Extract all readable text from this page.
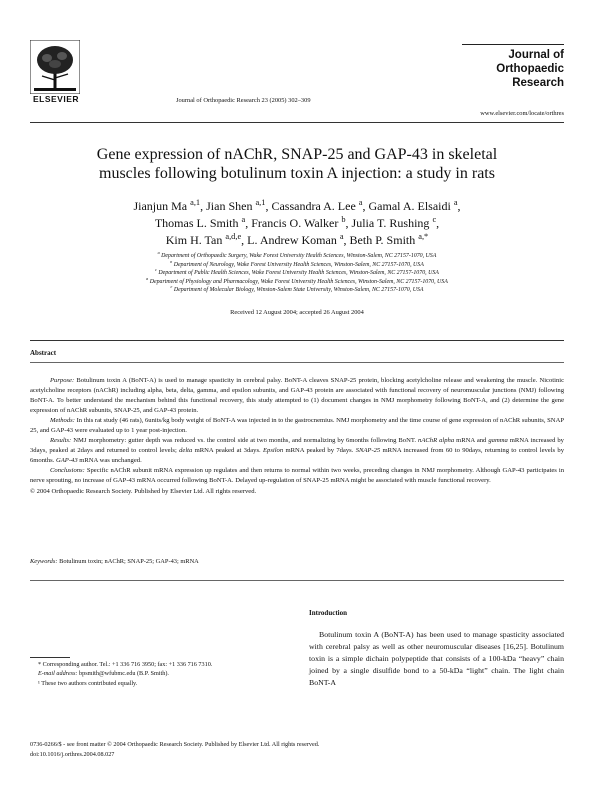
ELSEVIER	Journal of Orthopaedic Research 23 (2005) 302–309
Journal of
Orthopaedic
Research
www.elsevier.com/locate/orthres
Gene expression of nAChR, SNAP-25 and GAP-43 in skeletal
muscles following botulinum toxin A injection: a study in rats
Jianjun Ma $^{a,1}$, Jian Shen $^{a,1}$, Cassandra A. Lee $^a$, Gamal A. Elsaidi $^a$,
Thomas L. Smith $^a$, Francis O. Walker $^b$, Julia T. Rushing $^c$,
Kim H. Tan $^{a,d,e}$, L. Andrew Koman $^a$, Beth P. Smith $^{a,*}$
$^a$ Department of Orthopaedic Surgery, Wake Forest University Health Sciences, Winston-Salem, NC 27157-1070, USA
$^b$ Department of Neurology, Wake Forest University Health Sciences, Winston-Salem, NC 27157-1070, USA
$^c$ Department of Public Health Sciences, Wake Forest University Health Sciences, Winston-Salem, NC 27157-1070, USA
$^d$ Department of Physiology and Pharmacology, Wake Forest University Health Sciences, Winston-Salem, NC 27157-1070, USA
$^e$ Department of Molecular Biology, Winston-Salem State University, Winston-Salem, NC 27157-1070, USA
Received 12 August 2004; accepted 26 August 2004
Abstract

Purpose: Botulinum toxin A (BoNT-A) is used to manage spasticity in cerebral palsy. BoNT-A cleaves SNAP-25 protein, blocking acetylcholine release and weakening the muscle. Nicotinic acetylcholine receptors (nAChR) including alpha, beta, delta, gamma, and epsilon subunits, and GAP-43 protein are associated with functional recovery of neuromuscular junctions (NMJ) following BoNT-A. To better understand the mechanism behind this functional recovery, this study attempted to (1) document changes in NMJ morphometry following BoNT-A, and (2) determine the gene expression of nAChR subunits, SNAP-25, and GAP-43 protein.

Methods: In this rat study (46 rats), 6units/kg body weight of BoNT-A was injected in to the gastrocnemius. NMJ morphometry and the time course of gene expression of nAChR subunits, SNAP 25, and GAP-43 were evaluated up to 1 year post-injection.

Results: NMJ morphometry: gutter depth was reduced vs. the control side at two months, and normalizing by 6months following BoNT. nAChR alpha mRNA and gamma mRNA increased by 3days, peaked at 2days and returned to control levels; delta mRNA peaked at 3days. Epsilon mRNA peaked by 7days. SNAP-25 mRNA increased from 60 to 90days, returning to control levels by 6months. GAP-43 mRNA was unchanged.

Conclusions: Specific nAChR subunit mRNA expression up regulates and then returns to normal within two weeks, preceding changes in NMJ morphometry. Although GAP-43 participates in nerve sprouting, no increase of GAP-43 mRNA occurred following BoNT-A. Delayed up-regulation of SNAP-25 mRNA might be associated with muscle functional recovery.

© 2004 Orthopaedic Research Society. Published by Elsevier Ltd. All rights reserved.

Keywords: Botulinum toxin; nAChR; SNAP-25; GAP-43; mRNA
Introduction

Botulinum toxin A (BoNT-A) has been used to manage spasticity associated with cerebral palsy as well as other neuromuscular diseases [16,25]. Botulinum toxin is a simple dichain polypeptide that consists of a 100-kDa “heavy” chain joined by a single disulfide bond to a 50-kDa “light” chain. The light chain BoNT-A

* Corresponding author. Tel.: +1 336 716 3950; fax: +1 336 716 7310.

E-mail address: bpsmith@wfubmc.edu (B.P. Smith).

¹ These two authors contributed equally.

0736-0266/$ - see front matter © 2004 Orthopaedic Research Society. Published by Elsevier Ltd. All rights reserved.
doi:10.1016/j.orthres.2004.08.027
